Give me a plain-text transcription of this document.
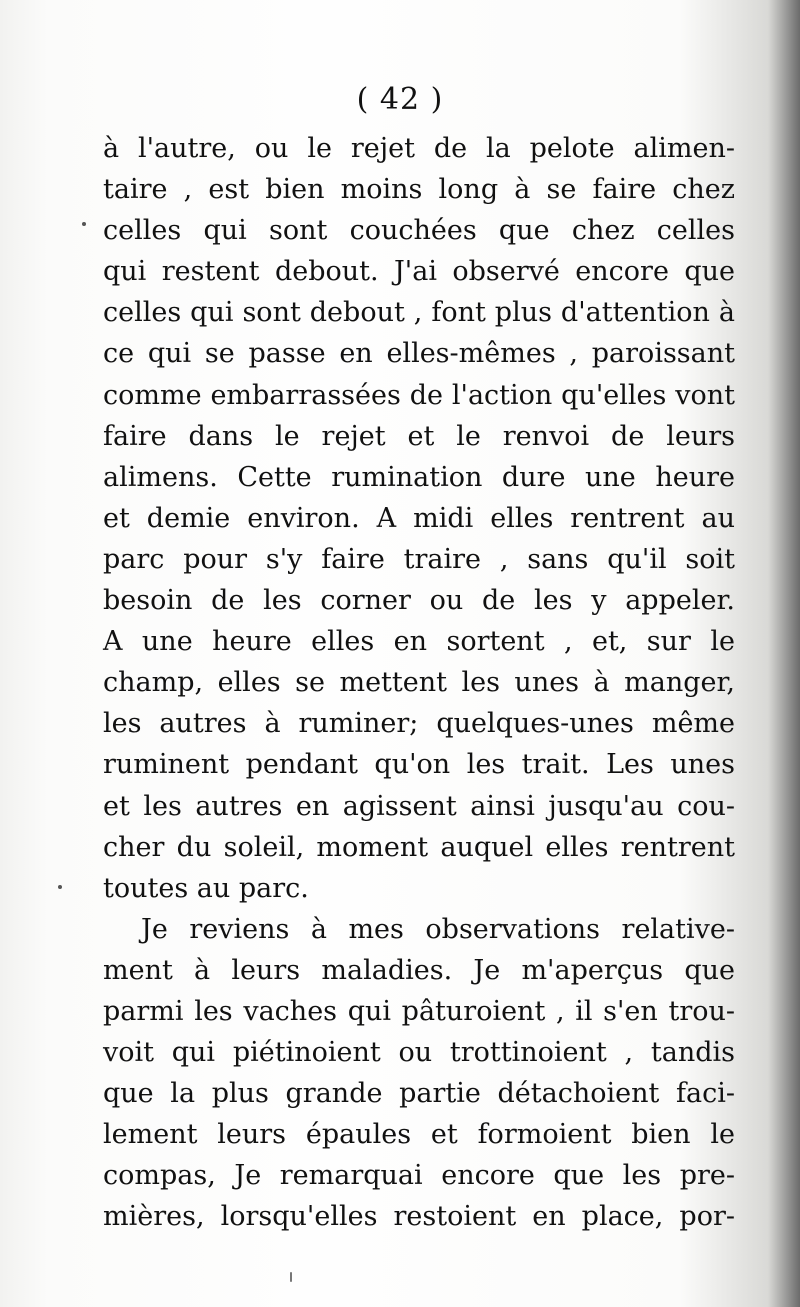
( 42 )
à l'autre, ou le rejet de la pelote alimen-
taire , est bien moins long à se faire chez
celles qui sont couchées que chez celles
qui restent debout. J'ai observé encore que
celles qui sont debout , font plus d'attention à
ce qui se passe en elles-mêmes , paroissant
comme embarrassées de l'action qu'elles vont
faire dans le rejet et le renvoi de leurs
alimens. Cette rumination dure une heure
et demie environ. A midi elles rentrent au
parc pour s'y faire traire , sans qu'il soit
besoin de les corner ou de les y appeler.
A une heure elles en sortent , et, sur le
champ, elles se mettent les unes à manger,
les autres à ruminer; quelques-unes même
ruminent pendant qu'on les trait. Les unes
et les autres en agissent ainsi jusqu'au cou-
cher du soleil, moment auquel elles rentrent
toutes au parc.
Je reviens à mes observations relative-
ment à leurs maladies. Je m'aperçus que
parmi les vaches qui pâturoient , il s'en trou-
voit qui piétinoient ou trottinoient , tandis
que la plus grande partie détachoient faci-
lement leurs épaules et formoient bien le
compas, Je remarquai encore que les pre-
mières, lorsqu'elles restoient en place, por-
